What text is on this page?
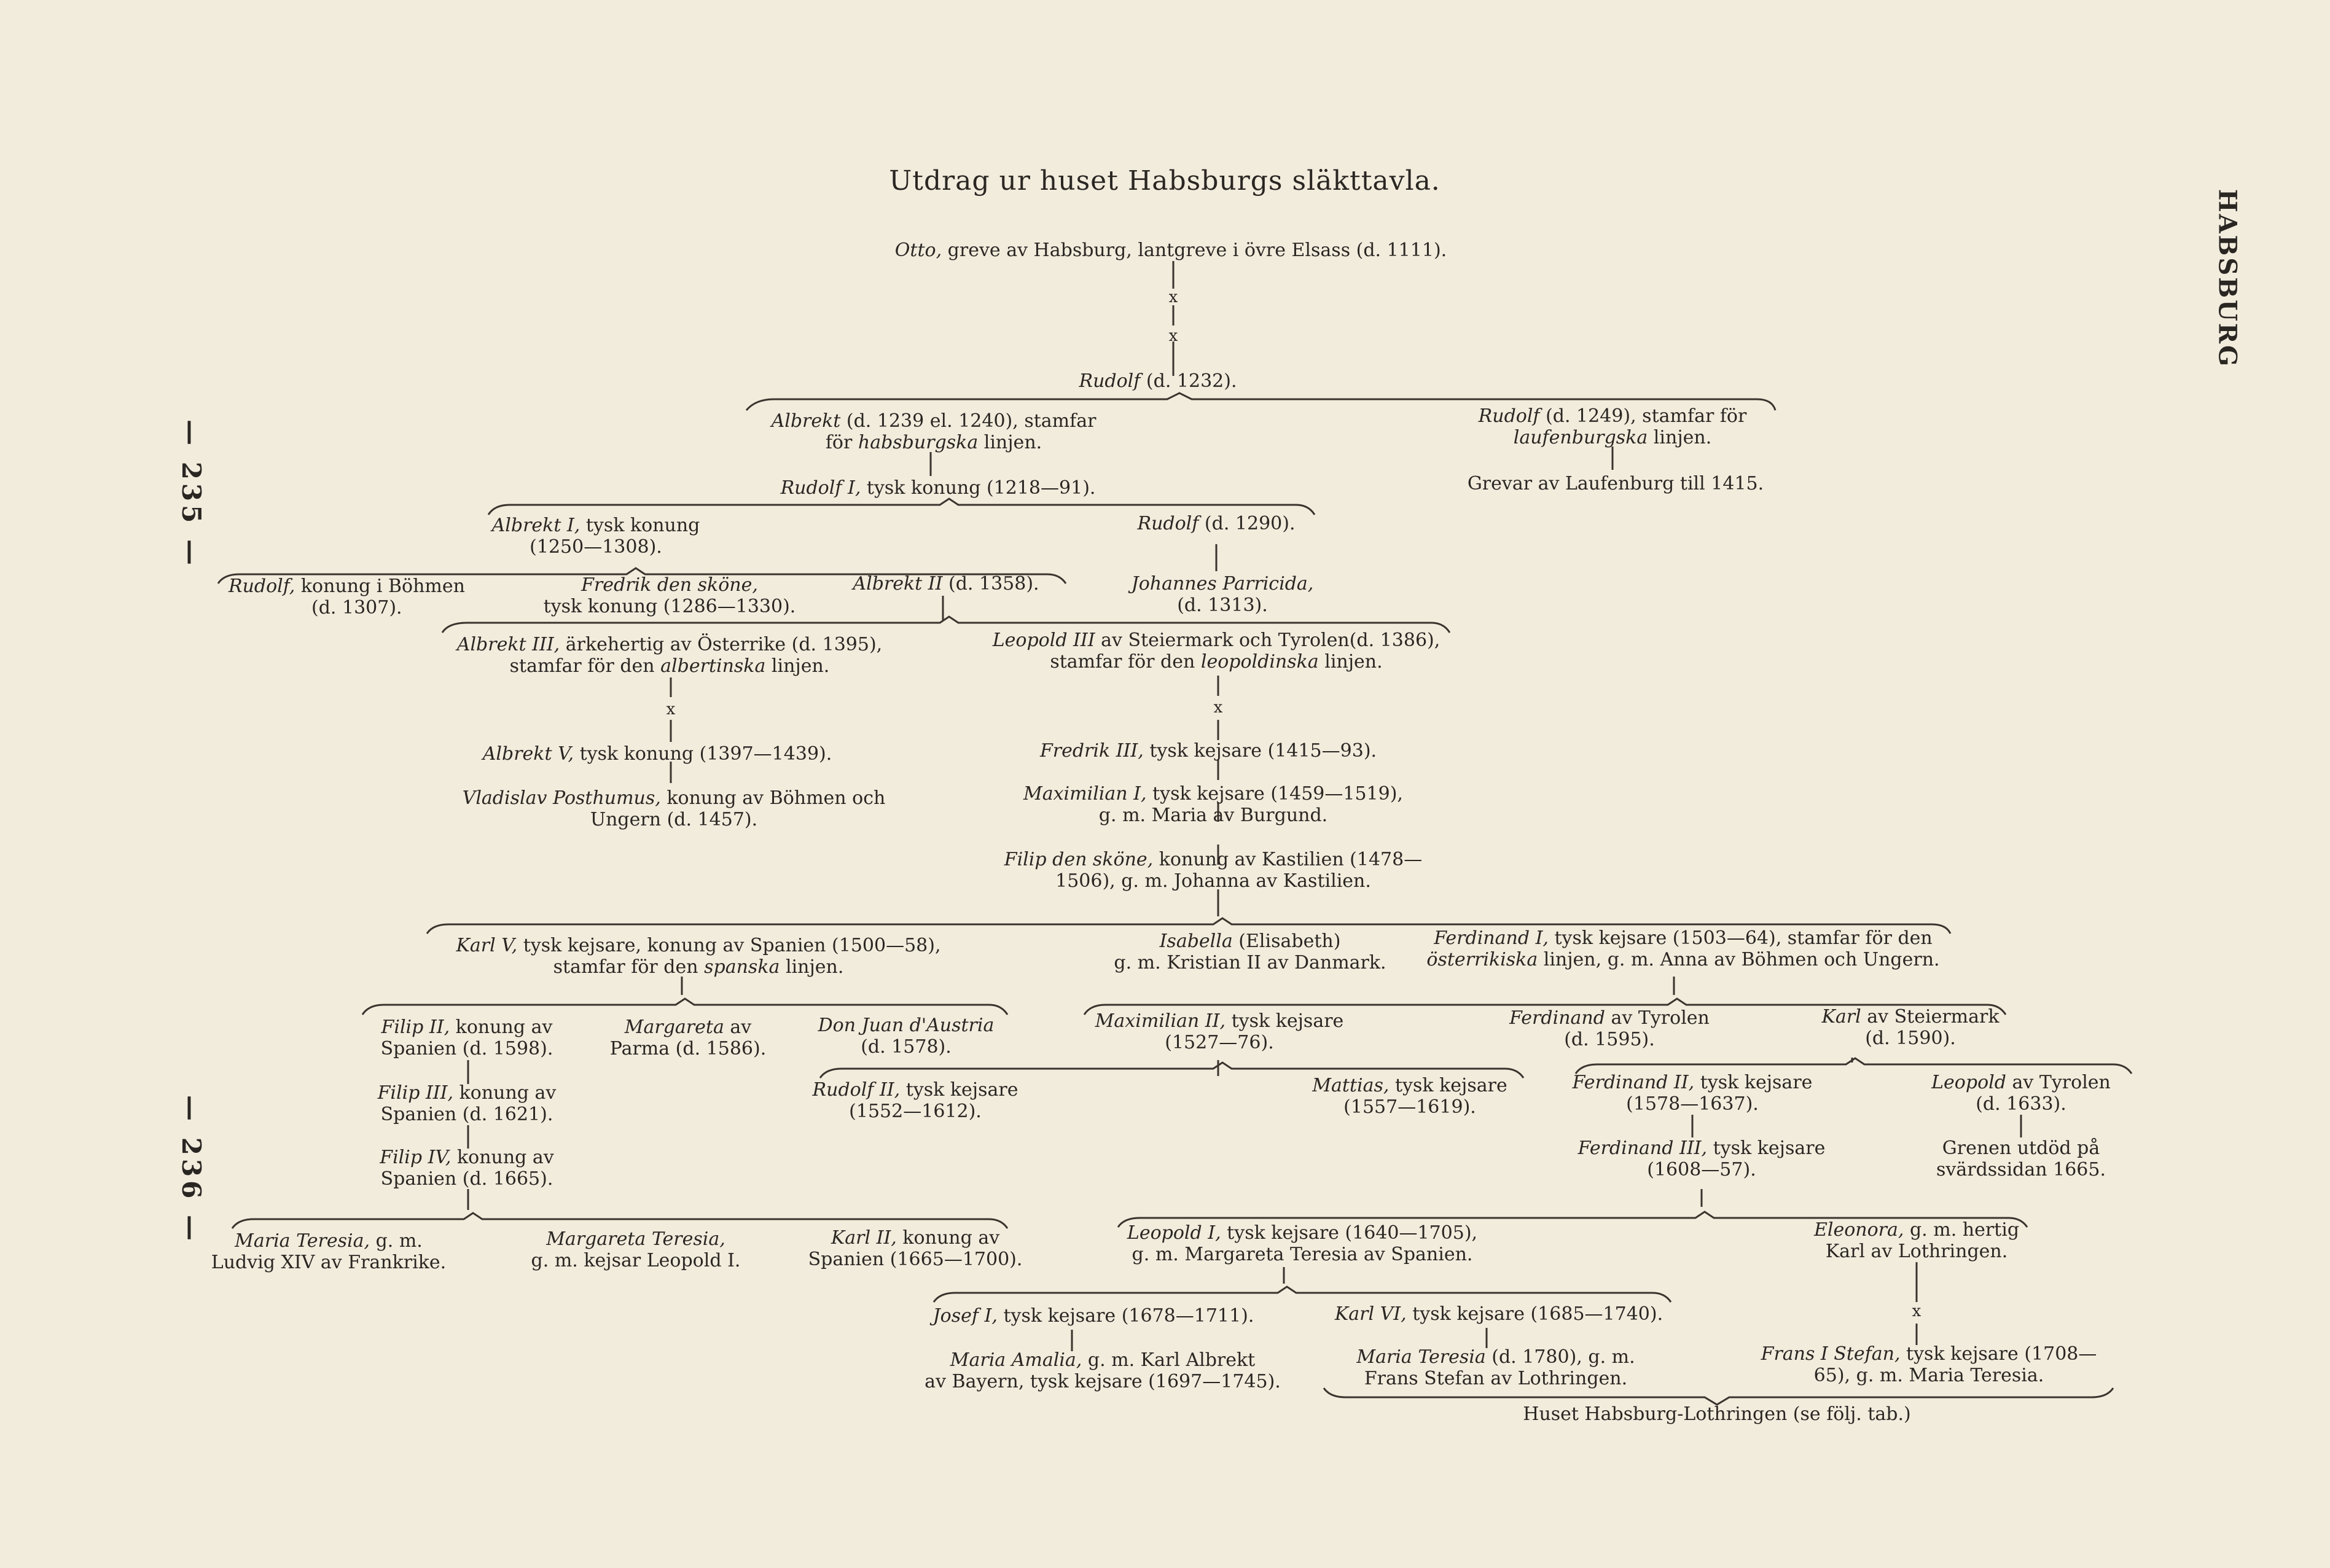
Utdrag ur huset Habsburgs släkttavla.
HABSBURG
— 235 —
— 236 —
Otto, greve av Habsburg, lantgreve i övre Elsass (d. 1111).
x
x
Rudolf (d. 1232).
Albrekt (d. 1239 el. 1240), stamfar
för habsburgska linjen.
Rudolf (d. 1249), stamfar för
laufenburgska linjen.
Grevar av Laufenburg till 1415.
Rudolf I, tysk konung (1218—91).
Albrekt I, tysk konung
(1250—1308).
Rudolf (d. 1290).
Rudolf, konung i Böhmen
(d. 1307).
Fredrik den sköne,
tysk konung (1286—1330).
Albrekt II (d. 1358).	Johannes Parricida,
(d. 1313).
Albrekt III, ärkehertig av Österrike (d. 1395),
stamfar för den albertinska linjen.
Leopold III av Steiermark och Tyrolen(d. 1386),
stamfar för den leopoldinska linjen.
x	x
Albrekt V, tysk konung (1397—1439).	Fredrik III, tysk kejsare (1415—93).
Vladislav Posthumus, konung av Böhmen och
Ungern (d. 1457).
Maximilian I, tysk kejsare (1459—1519),
g. m. Maria av Burgund.
Filip den sköne, konung av Kastilien (1478—
1506), g. m. Johanna av Kastilien.
Karl V, tysk kejsare, konung av Spanien (1500—58),
stamfar för den spanska linjen.
Isabella (Elisabeth)
g. m. Kristian II av Danmark.
Ferdinand I, tysk kejsare (1503—64), stamfar för den
österrikiska linjen, g. m. Anna av Böhmen och Ungern.
Filip II, konung av
Spanien (d. 1598).
Margareta av
Parma (d. 1586).
Don Juan d'Austria
(d. 1578).
Maximilian II, tysk kejsare
(1527—76).
Ferdinand av Tyrolen
(d. 1595).
Karl av Steiermark
(d. 1590).
Filip III, konung av
Spanien (d. 1621).
Rudolf II, tysk kejsare
(1552—1612).
Mattias, tysk kejsare
(1557—1619).
Ferdinand II, tysk kejsare
(1578—1637).
Leopold av Tyrolen
(d. 1633).
Filip IV, konung av
Spanien (d. 1665).
Ferdinand III, tysk kejsare
(1608—57).
Grenen utdöd på
svärdssidan 1665.
Maria Teresia, g. m.
Ludvig XIV av Frankrike.
Margareta Teresia,
g. m. kejsar Leopold I.
Karl II, konung av
Spanien (1665—1700).
Leopold I, tysk kejsare (1640—1705),
g. m. Margareta Teresia av Spanien.
Eleonora, g. m. hertig
Karl av Lothringen.
Josef I, tysk kejsare (1678—1711).	Karl VI, tysk kejsare (1685—1740).	x
Maria Amalia, g. m. Karl Albrekt
av Bayern, tysk kejsare (1697—1745).
Maria Teresia (d. 1780), g. m.
Frans Stefan av Lothringen.
Frans I Stefan, tysk kejsare (1708—
65), g. m. Maria Teresia.
Huset Habsburg-Lothringen (se följ. tab.)
